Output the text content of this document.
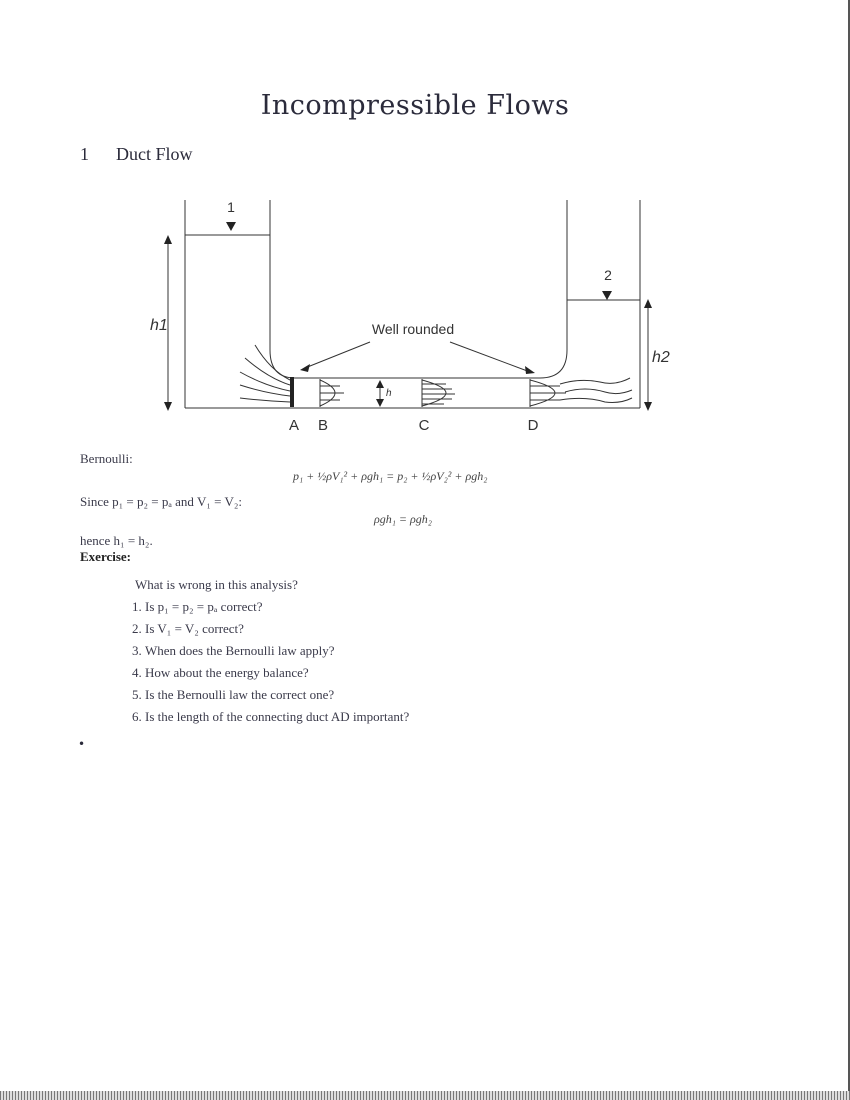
Incompressible Flows
1 Duct Flow
1
2
h1
h2
h
Well rounded
A B	C	D
Bernoulli:
p₁ + ½ρV₁² + ρgh₁ = p₂ + ½ρV₂² + ρgh₂
Since p₁ = p₂ = pₐ and V₁ = V₂:
ρgh₁ = ρgh₂
hence h₁ = h₂.
Exercise:
What is wrong in this analysis?
1. Is p₁ = p₂ = pₐ correct?
2. Is V₁ = V₂ correct?
3. When does the Bernoulli law apply?
4. How about the energy balance?
5. Is the Bernoulli law the correct one?
6. Is the length of the connecting duct AD important?
•
